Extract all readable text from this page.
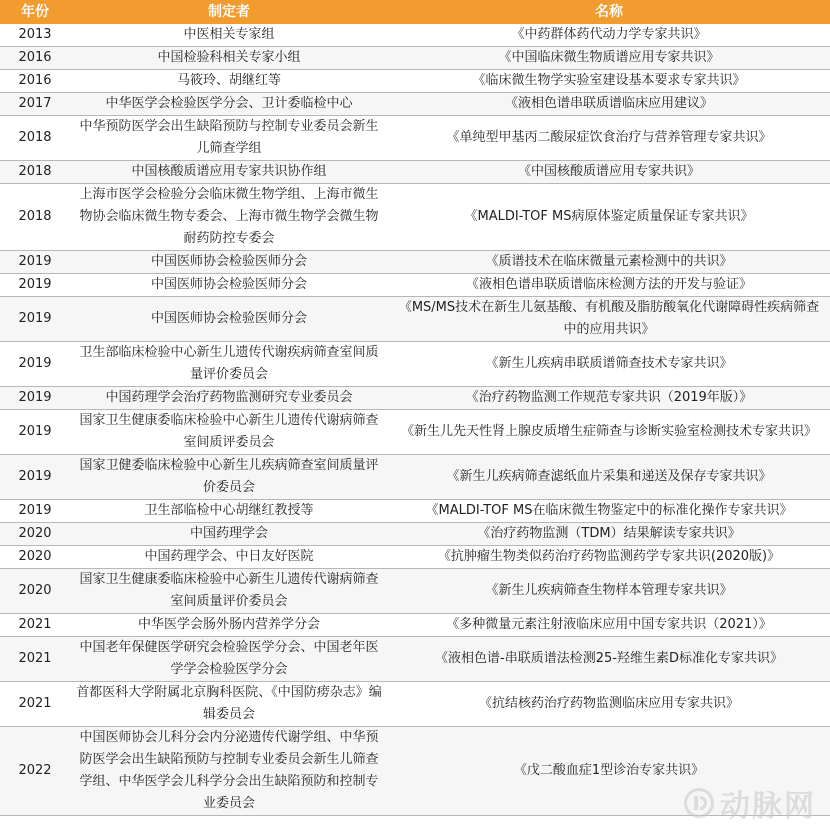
年份	制定者	名称
2013	中医相关专家组	《中药群体药代动力学专家共识》
2016	中国检验科相关专家小组	《中国临床微生物质谱应用专家共识》
2016	马筱玲、胡继红等	《临床微生物学实验室建设基本要求专家共识》
2017	中华医学会检验医学分会、卫计委临检中心	《液相色谱串联质谱临床应用建议》
2018	中华预防医学会出生缺陷预防与控制专业委员会新生儿筛查学组	《单纯型甲基丙二酸尿症饮食治疗与营养管理专家共识》
2018	中国核酸质谱应用专家共识协作组	《中国核酸质谱应用专家共识》
2018	上海市医学会检验分会临床微生物学组、上海市微生物协会临床微生物专委会、上海市微生物学会微生物耐药防控专委会	《MALDI-TOF MS病原体鉴定质量保证专家共识》
2019	中国医师协会检验医师分会	《质谱技术在临床微量元素检测中的共识》
2019	中国医师协会检验医师分会	《液相色谱串联质谱临床检测方法的开发与验证》
2019	中国医师协会检验医师分会	《MS/MS技术在新生儿氨基酸、有机酸及脂肪酸氧化代谢障碍性疾病筛查中的应用共识》
2019	卫生部临床检验中心新生儿遗传代谢疾病筛查室间质量评价委员会	《新生儿疾病串联质谱筛查技术专家共识》
2019	中国药理学会治疗药物监测研究专业委员会	《治疗药物监测工作规范专家共识（2019年版）》
2019	国家卫生健康委临床检验中心新生儿遗传代谢病筛查室间质评委员会	《新生儿先天性肾上腺皮质增生症筛查与诊断实验室检测技术专家共识》
2019	国家卫健委临床检验中心新生儿疾病筛查室间质量评价委员会	《新生儿疾病筛查滤纸血片采集和递送及保存专家共识》
2019	卫生部临检中心胡继红教授等	《MALDI-TOF MS在临床微生物鉴定中的标准化操作专家共识》
2020	中国药理学会	《治疗药物监测（TDM）结果解读专家共识》
2020	中国药理学会、中日友好医院	《抗肿瘤生物类似药治疗药物监测药学专家共识(2020版)》
2020	国家卫生健康委临床检验中心新生儿遗传代谢病筛查室间质量评价委员会	《新生儿疾病筛查生物样本管理专家共识》
2021	中华医学会肠外肠内营养学分会	《多种微量元素注射液临床应用中国专家共识（2021）》
2021	中国老年保健医学研究会检验医学分会、中国老年医学学会检验医学分会	《液相色谱-串联质谱法检测25-羟维生素D标准化专家共识》
2021	首都医科大学附属北京胸科医院、《中国防痨杂志》编辑委员会	《抗结核药治疗药物监测临床应用专家共识》
2022	中国医师协会儿科分会内分泌遗传代谢学组、中华预防医学会出生缺陷预防与控制专业委员会新生儿筛查学组、中华医学会儿科学分会出生缺陷预防和控制专业委员会	《戊二酸血症1型诊治专家共识》
动脉网
